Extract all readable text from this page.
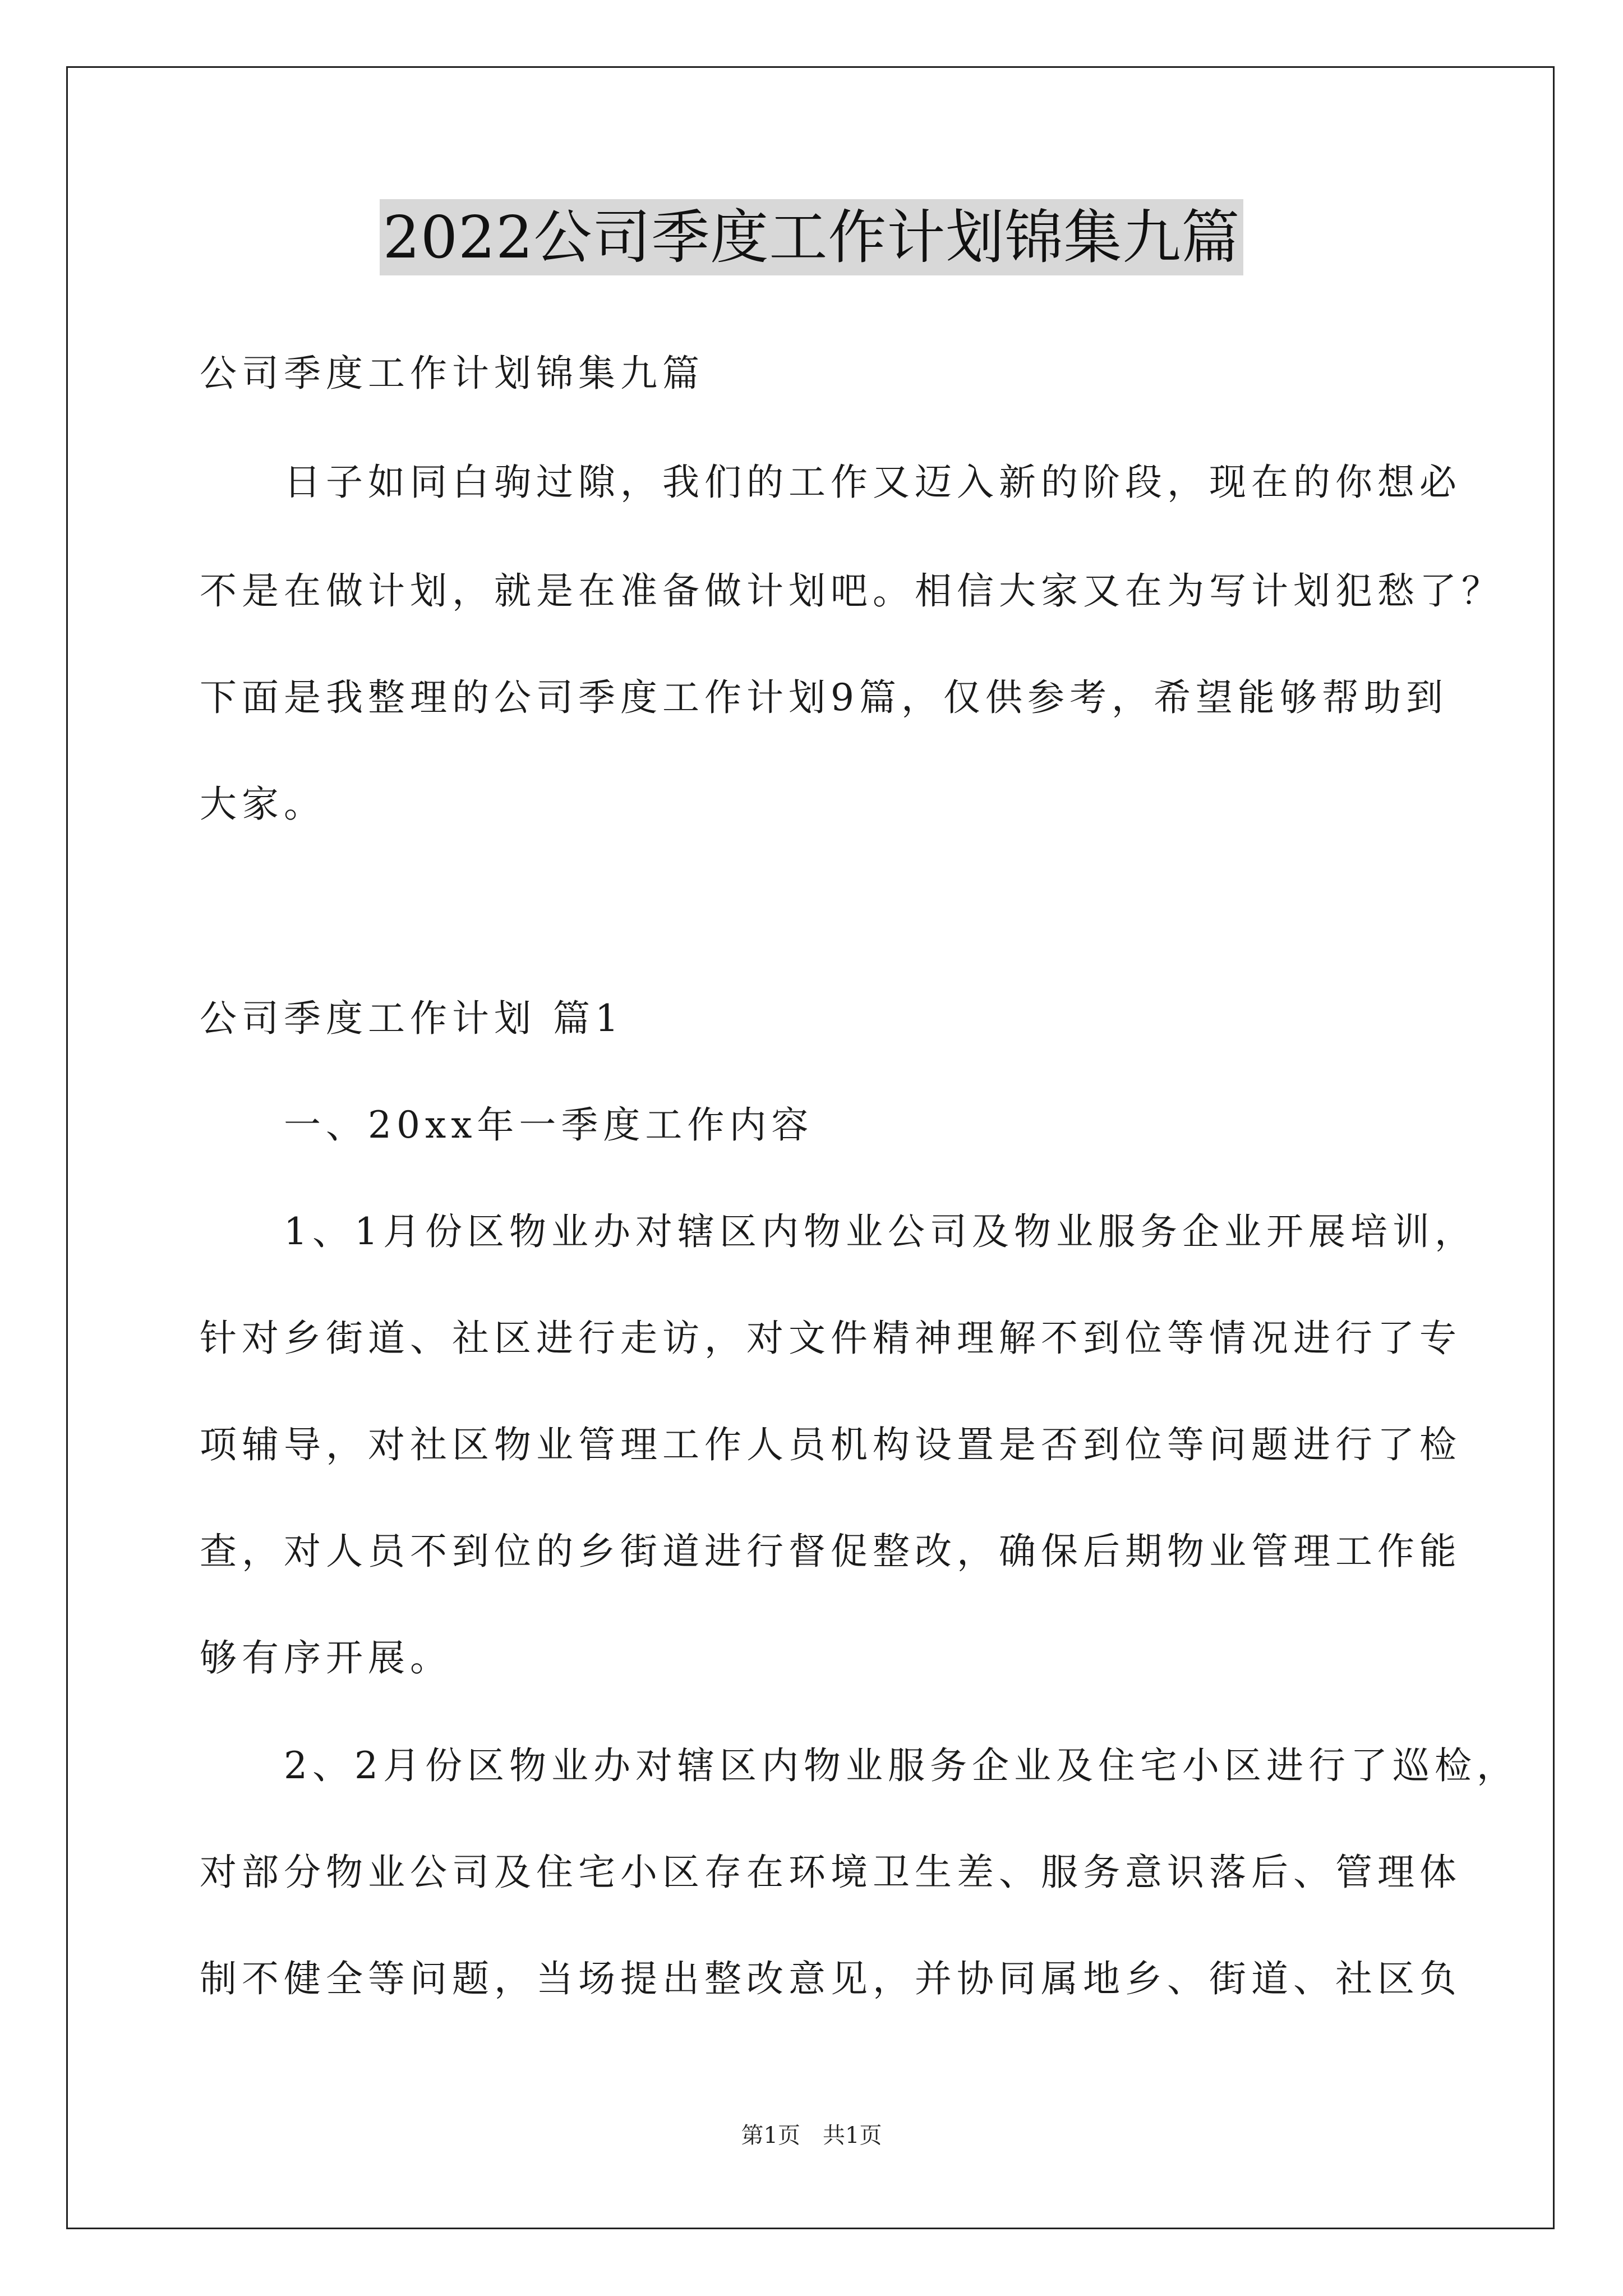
2022公司季度工作计划锦集九篇
公司季度工作计划锦集九篇
日子如同白驹过隙，我们的工作又迈入新的阶段，现在的你想必
不是在做计划，就是在准备做计划吧。相信大家又在为写计划犯愁了？
下面是我整理的公司季度工作计划9篇，仅供参考，希望能够帮助到
大家。
公司季度工作计划 篇1
一、20xx年一季度工作内容
1、1月份区物业办对辖区内物业公司及物业服务企业开展培训，
针对乡街道、社区进行走访，对文件精神理解不到位等情况进行了专
项辅导，对社区物业管理工作人员机构设置是否到位等问题进行了检
查，对人员不到位的乡街道进行督促整改，确保后期物业管理工作能
够有序开展。
2、2月份区物业办对辖区内物业服务企业及住宅小区进行了巡检，
对部分物业公司及住宅小区存在环境卫生差、服务意识落后、管理体
制不健全等问题，当场提出整改意见，并协同属地乡、街道、社区负
第1页　共1页
